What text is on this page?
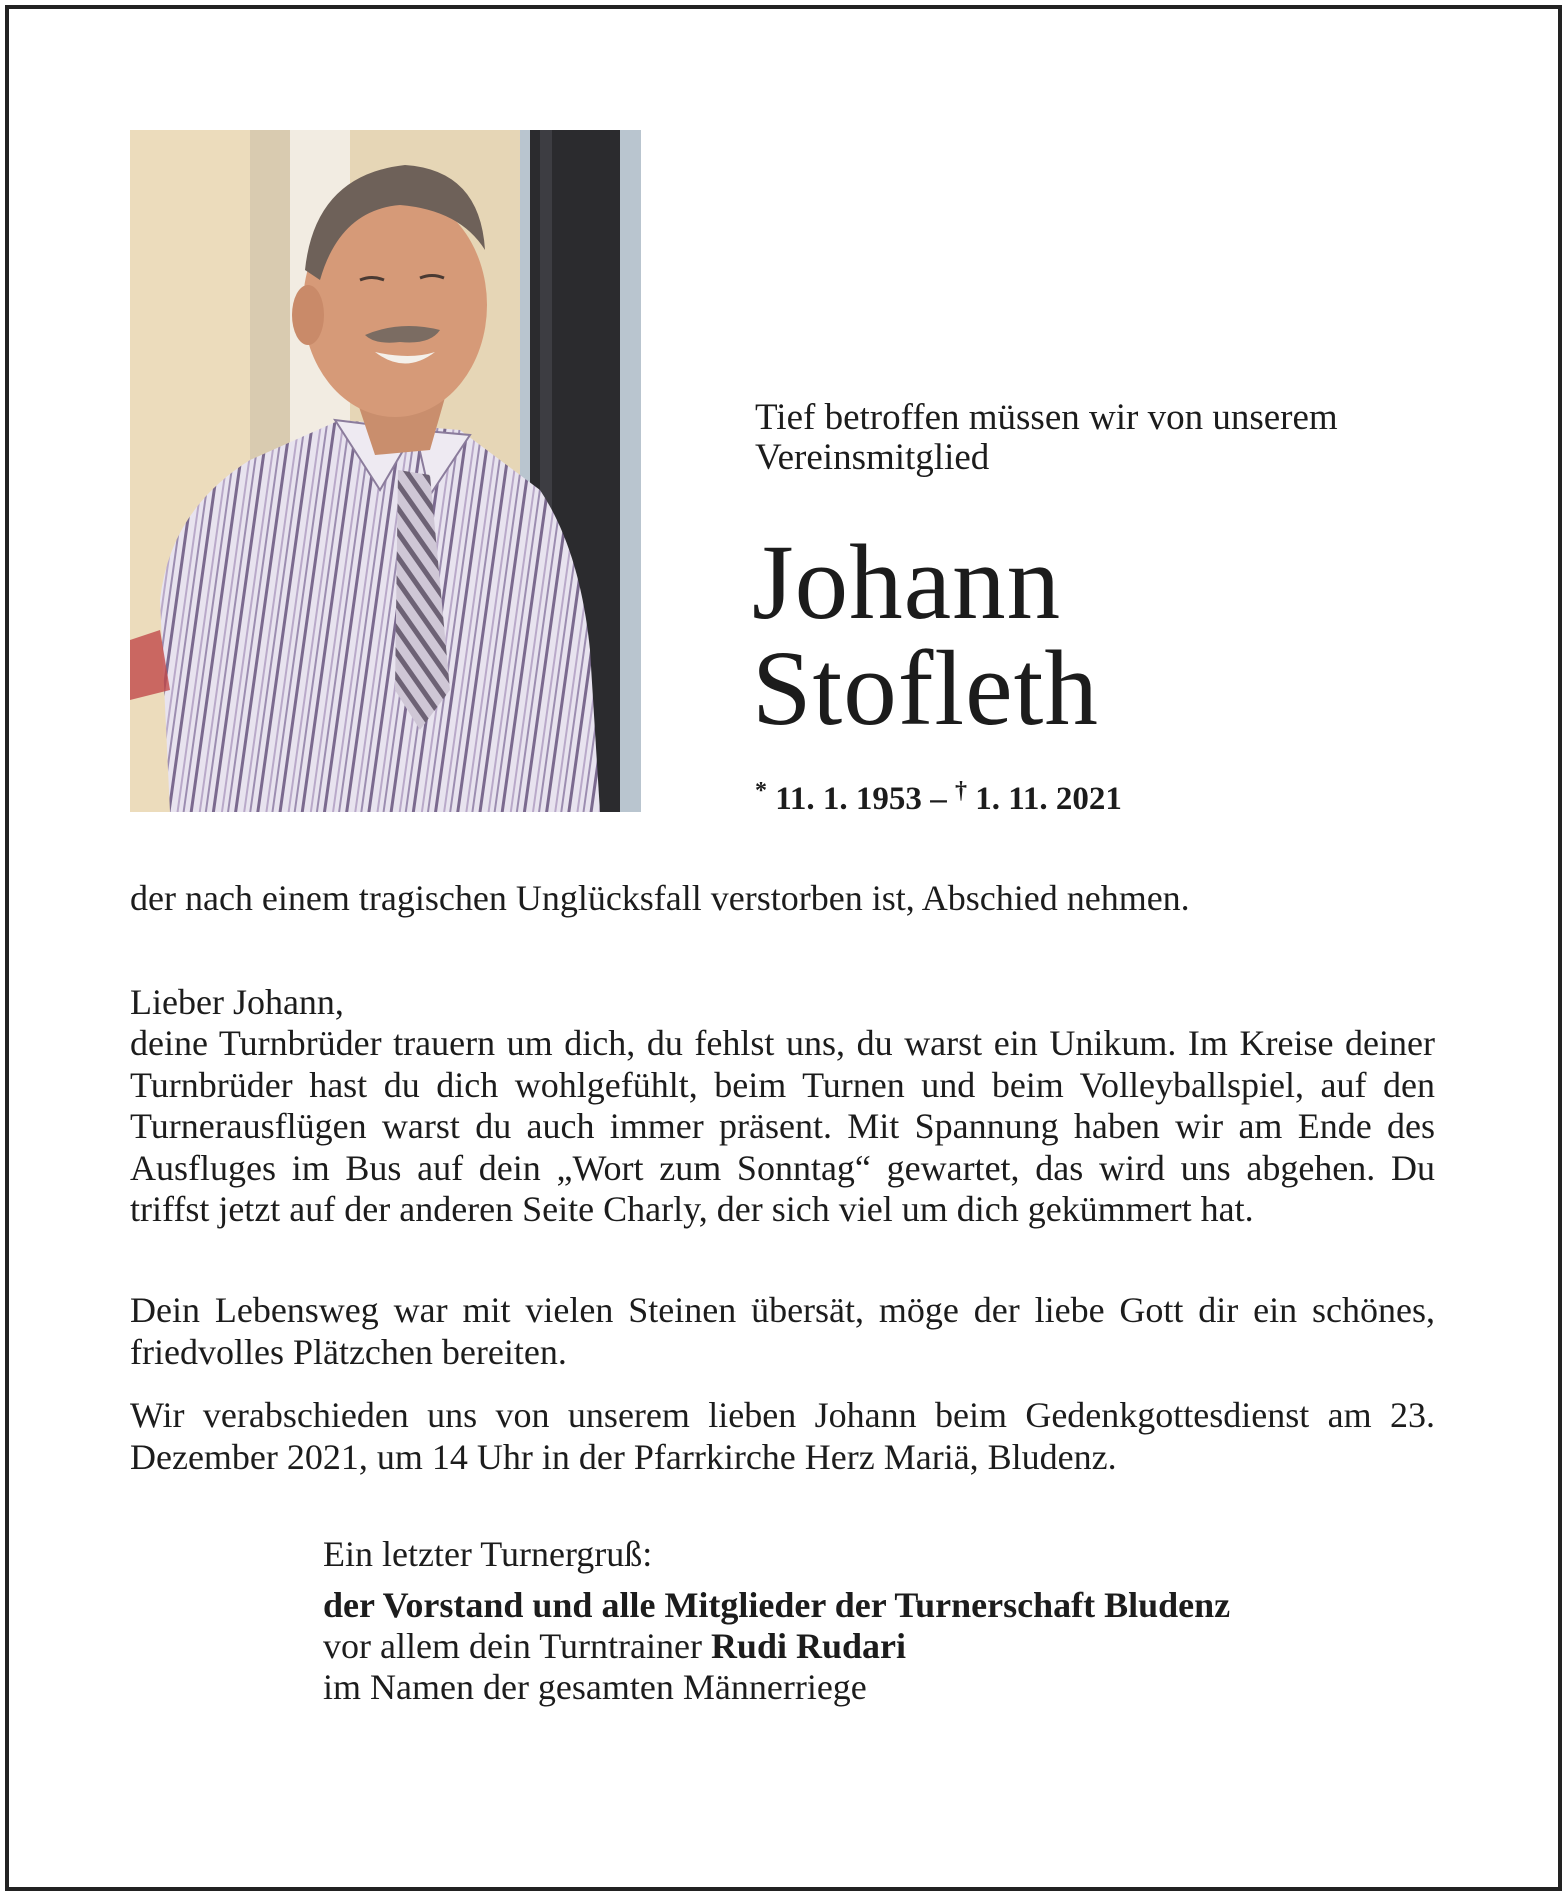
Tief betroffen müssen wir von unserem
Vereinsmitglied
Johann
Stofleth
* 11. 1. 1953 – † 1. 11. 2021

der nach einem tragischen Unglücksfall verstorben ist, Abschied nehmen.

Lieber Johann,

deine Turnbrüder trauern um dich, du fehlst uns, du warst ein Unikum. Im Kreise deiner Turnbrüder hast du dich wohlgefühlt, beim Turnen und beim Volleyballspiel, auf den Turnerausflügen warst du auch immer präsent. Mit Spannung haben wir am Ende des Ausfluges im Bus auf dein „Wort zum Sonntag“ gewartet, das wird uns abgehen. Du triffst jetzt auf der anderen Seite Charly, der sich viel um dich gekümmert hat.

Dein Lebensweg war mit vielen Steinen übersät, möge der liebe Gott dir ein schönes, friedvolles Plätzchen bereiten.

Wir verabschieden uns von unserem lieben Johann beim Gedenkgottesdienst am 23. Dezember 2021, um 14 Uhr in der Pfarrkirche Herz Mariä, Bludenz.

Ein letzter Turnergruß:
der Vorstand und alle Mitglieder der Turnerschaft Bludenz
vor allem dein Turntrainer Rudi Rudari
im Namen der gesamten Männerriege
